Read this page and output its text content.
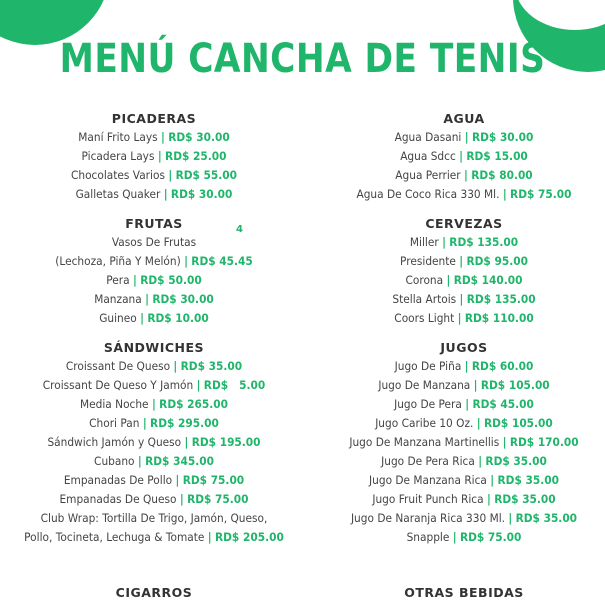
MENÚ CANCHA DE TENIS
4
PICADERAS
Maní Frito Lays | RD$ 30.00
Picadera Lays | RD$ 25.00
Chocolates Varios | RD$ 55.00
Galletas Quaker | RD$ 30.00
FRUTAS
Vasos De Frutas
(Lechoza, Piña Y Melón) | RD$ 45.45
Pera | RD$ 50.00
Manzana | RD$ 30.00
Guineo | RD$ 10.00
SÁNDWICHES
Croissant De Queso | RD$ 35.00
Croissant De Queso Y Jamón | RD$   5.00
Media Noche | RD$ 265.00
Chori Pan | RD$ 295.00
Sándwich Jamón y Queso | RD$ 195.00
Cubano | RD$ 345.00
Empanadas De Pollo | RD$ 75.00
Empanadas De Queso | RD$ 75.00
Club Wrap: Tortilla De Trigo, Jamón, Queso,
Pollo, Tocineta, Lechuga & Tomate | RD$ 205.00
AGUA
Agua Dasani | RD$ 30.00
Agua Sdcc | RD$ 15.00
Agua Perrier | RD$ 80.00
Agua De Coco Rica 330 Ml. | RD$ 75.00
CERVEZAS
Miller | RD$ 135.00
Presidente | RD$ 95.00
Corona | RD$ 140.00
Stella Artois | RD$ 135.00
Coors Light | RD$ 110.00
JUGOS
Jugo De Piña | RD$ 60.00
Jugo De Manzana | RD$ 105.00
Jugo De Pera | RD$ 45.00
Jugo Caribe 10 Oz. | RD$ 105.00
Jugo De Manzana Martinellis | RD$ 170.00
Jugo De Pera Rica | RD$ 35.00
Jugo De Manzana Rica | RD$ 35.00
Jugo Fruit Punch Rica | RD$ 35.00
Jugo De Naranja Rica 330 Ml. | RD$ 35.00
Snapple | RD$ 75.00
CIGARROS	OTRAS BEBIDAS
